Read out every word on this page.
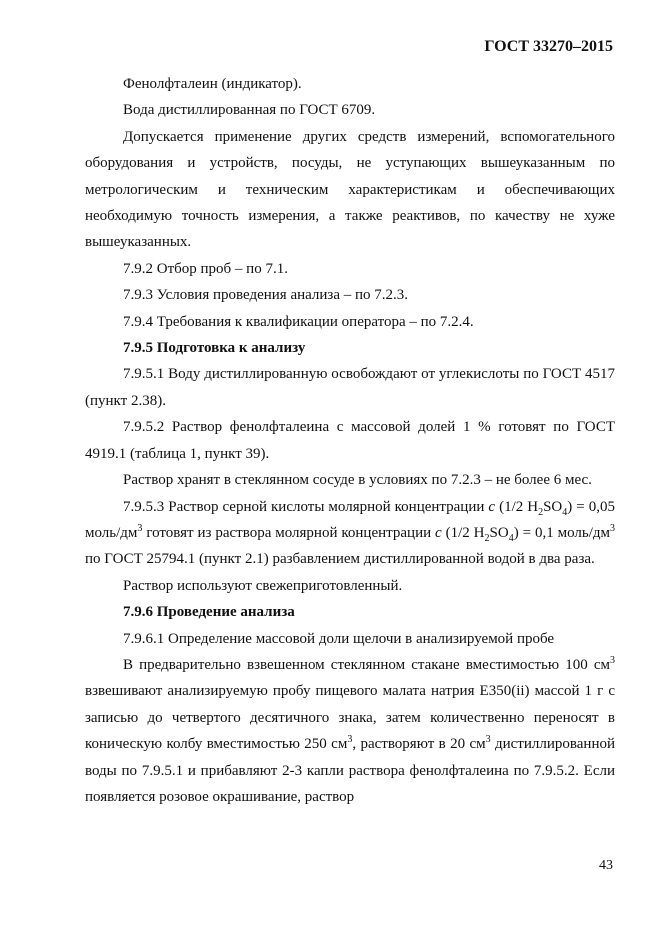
ГОСТ 33270–2015

Фенолфталеин (индикатор).

Вода дистиллированная по ГОСТ 6709.

Допускается применение других средств измерений, вспомогательного оборудования и устройств, посуды, не уступающих вышеуказанным по метрологическим и техническим характеристикам и обеспечивающих необходимую точность измерения, а также реактивов, по качеству не хуже вышеуказанных.

7.9.2 Отбор проб – по 7.1.

7.9.3 Условия проведения анализа – по 7.2.3.

7.9.4 Требования к квалификации оператора – по 7.2.4.

7.9.5 Подготовка к анализу

7.9.5.1 Воду дистиллированную освобождают от углекислоты по ГОСТ 4517 (пункт 2.38).

7.9.5.2 Раствор фенолфталеина с массовой долей 1 % готовят по ГОСТ 4919.1 (таблица 1, пункт 39).

Раствор хранят в стеклянном сосуде в условиях по 7.2.3 – не более 6 мес.

7.9.5.3 Раствор серной кислоты молярной концентрации c (1/2 $H_2SO_4) = 0,05$ моль/$дм^3$ готовят из раствора молярной концентрации c (1/2 $H_2SO_4) = 0,1$ моль/$дм^3$ по ГОСТ 25794.1 (пункт 2.1) разбавлением дистиллированной водой в два раза.

Раствор используют свежеприготовленный.

7.9.6 Проведение анализа

7.9.6.1 Определение массовой доли щелочи в анализируемой пробе

В предварительно взвешенном стеклянном стакане вместимостью 100 $см^3$ взвешивают анализируемую пробу пищевого малата натрия E350(ii) массой 1 г с записью до четвертого десятичного знака, затем количественно переносят в коническую колбу вместимостью 250 $см^3$, растворяют в 20 $см^3$ дистиллированной воды по 7.9.5.1 и прибавляют 2-3 капли раствора фенолфталеина по 7.9.5.2. Если появляется розовое окрашивание, раствор

43
